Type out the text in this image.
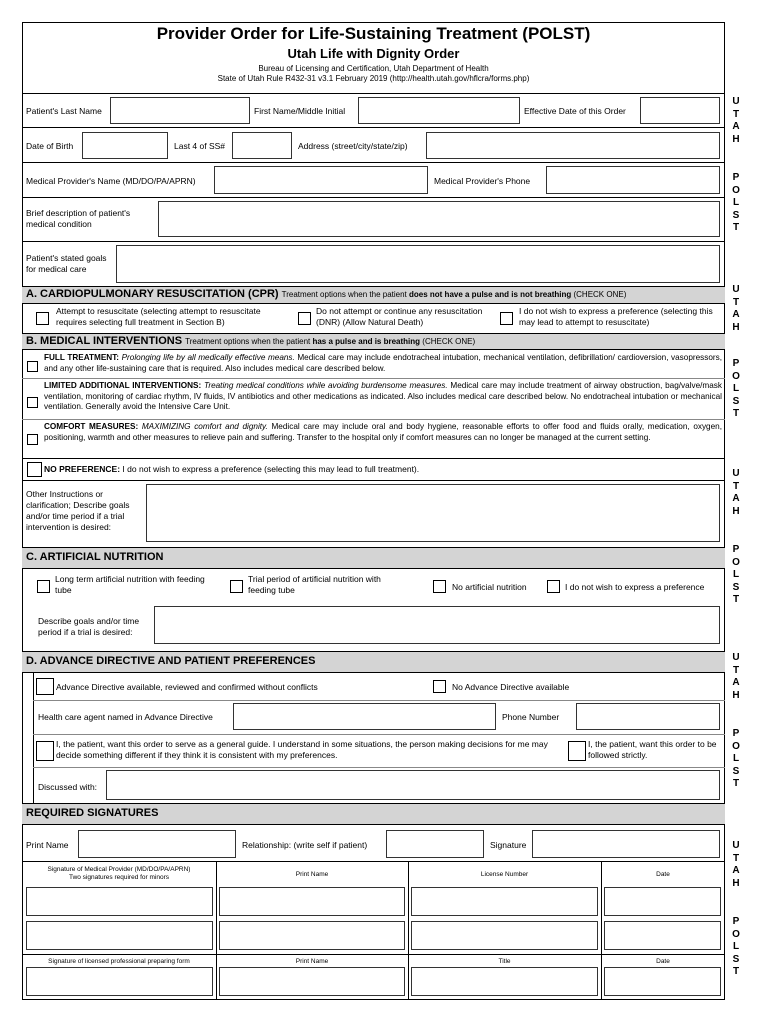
Provider Order for Life-Sustaining Treatment (POLST)
Utah Life with Dignity Order
Bureau of Licensing and Certification, Utah Department of Health
State of Utah Rule R432-31 v3.1 February 2019 (http://health.utah.gov/hflcra/forms.php)
U
T
A
H
P
O
L
S
T
U
T
A
H
P
O
L
S
T
U
T
A
H
P
O
L
S
T
U
T
A
H
P
O
L
S
T
U
T
A
H
P
O
L
S
T
Patient's Last Name	First Name/Middle Initial	Effective Date of this Order
Date of Birth	Last 4 of SS#	Address (street/city/state/zip)
Medical Provider's Name (MD/DO/PA/APRN)	Medical Provider's Phone
Brief description of patient's medical condition
Patient's stated goals for medical care
A. CARDIOPULMONARY RESUSCITATION (CPR) Treatment options when the patient does not have a pulse and is not breathing (CHECK ONE)
Attempt to resuscitate (selecting attempt to resuscitate requires selecting full treatment in Section B)
Do not attempt or continue any resuscitation (DNR) (Allow Natural Death)
I do not wish to express a preference (selecting this may lead to attempt to resuscitate)
B. MEDICAL INTERVENTIONS Treatment options when the patient has a pulse and is breathing (CHECK ONE)
FULL TREATMENT: Prolonging life by all medically effective means. Medical care may include endotracheal intubation, mechanical ventilation, defibrillation/ cardioversion, vasopressors, and any other life-sustaining care that is required. Also includes medical care described below.
LIMITED ADDITIONAL INTERVENTIONS: Treating medical conditions while avoiding burdensome measures. Medical care may include treatment of airway obstruction, bag/valve/mask ventilation, monitoring of cardiac rhythm, IV fluids, IV antibiotics and other medications as indicated. Also includes medical care described below. No endotracheal intubation or mechanical ventilation. Generally avoid the Intensive Care Unit.
COMFORT MEASURES: MAXIMIZING comfort and dignity. Medical care may include oral and body hygiene, reasonable efforts to offer food and fluids orally, medication, oxygen, positioning, warmth and other measures to relieve pain and suffering. Transfer to the hospital only if comfort measures can no longer be managed at the current setting.
NO PREFERENCE: I do not wish to express a preference (selecting this may lead to full treatment).
Other Instructions or clarification; Describe goals and/or time period if a trial intervention is desired:
C. ARTIFICIAL NUTRITION
Long term artificial nutrition with feeding tube
Trial period of artificial nutrition with feeding tube	No artificial nutrition	I do not wish to express a preference
Describe goals and/or time period if a trial is desired:
D. ADVANCE DIRECTIVE AND PATIENT PREFERENCES
Advance Directive available, reviewed and confirmed without conflicts	No Advance Directive available
Health care agent named in Advance Directive	Phone Number
I, the patient, want this order to serve as a general guide. I understand in some situations, the person making decisions for me may decide something different if they think it is consistent with my preferences.
I, the patient, want this order to be followed strictly.
Discussed with:
REQUIRED SIGNATURES
Print Name	Relationship: (write self if patient)	Signature
Signature of Medical Provider (MD/DO/PA/APRN)
Two signatures required for minors	Print Name	License Number	Date
Signature of licensed professional preparing form	Print Name	Title	Date
